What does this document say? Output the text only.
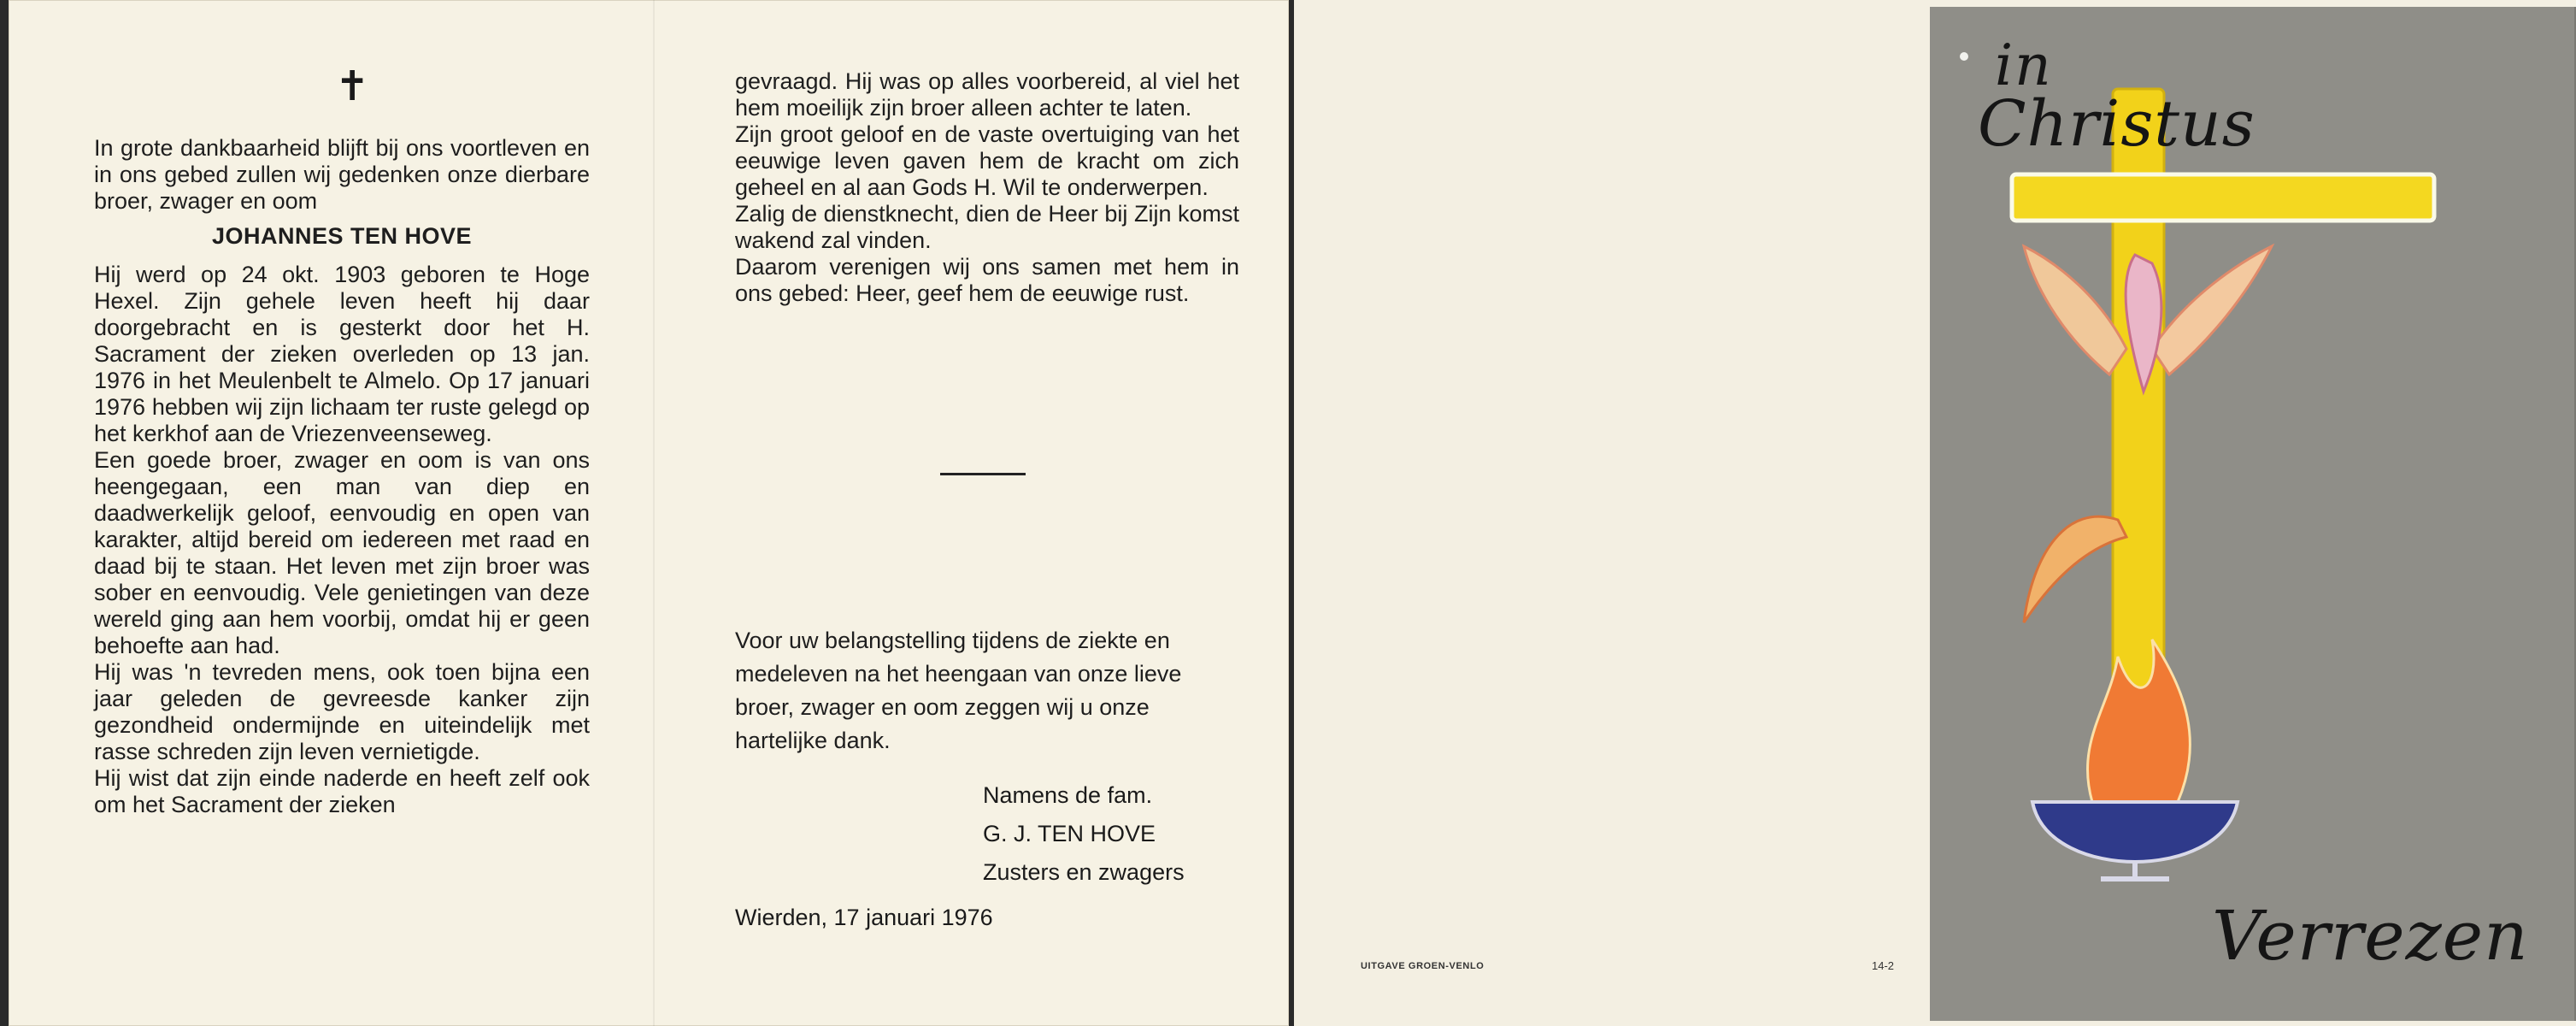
✝

In grote dankbaarheid blijft bij ons voortleven en in ons gebed zullen wij gedenken onze dierbare broer, zwager en oom

JOHANNES TEN HOVE

Hij werd op 24 okt. 1903 geboren te Hoge Hexel. Zijn gehele leven heeft hij daar doorgebracht en is gesterkt door het H. Sacrament der zieken overleden op 13 jan. 1976 in het Meulenbelt te Almelo. Op 17 januari 1976 hebben wij zijn lichaam ter ruste gelegd op het kerkhof aan de Vriezenveenseweg.

Een goede broer, zwager en oom is van ons heengegaan, een man van diep en daadwerkelijk geloof, eenvoudig en open van karakter, altijd bereid om iedereen met raad en daad bij te staan. Het leven met zijn broer was sober en eenvoudig. Vele genietingen van deze wereld ging aan hem voorbij, omdat hij er geen behoefte aan had.

Hij was 'n tevreden mens, ook toen bijna een jaar geleden de gevreesde kanker zijn gezondheid ondermijnde en uiteindelijk met rasse schreden zijn leven vernietigde.

Hij wist dat zijn einde naderde en heeft zelf ook om het Sacrament der zieken

gevraagd. Hij was op alles voorbereid, al viel het hem moeilijk zijn broer alleen achter te laten.

Zijn groot geloof en de vaste overtuiging van het eeuwige leven gaven hem de kracht om zich geheel en al aan Gods H. Wil te onderwerpen.

Zalig de dienstknecht, dien de Heer bij Zijn komst wakend zal vinden.

Daarom verenigen wij ons samen met hem in ons gebed: Heer, geef hem de eeuwige rust.

Voor uw belangstelling tijdens de ziekte en medeleven na het heengaan van onze lieve broer, zwager en oom zeggen wij u onze hartelijke dank.
Namens de fam.
G. J. TEN HOVE
Zusters en zwagers
Wierden, 17 januari 1976
UITGAVE GROEN-VENLO	14-2
in
Christus
Verrezen
